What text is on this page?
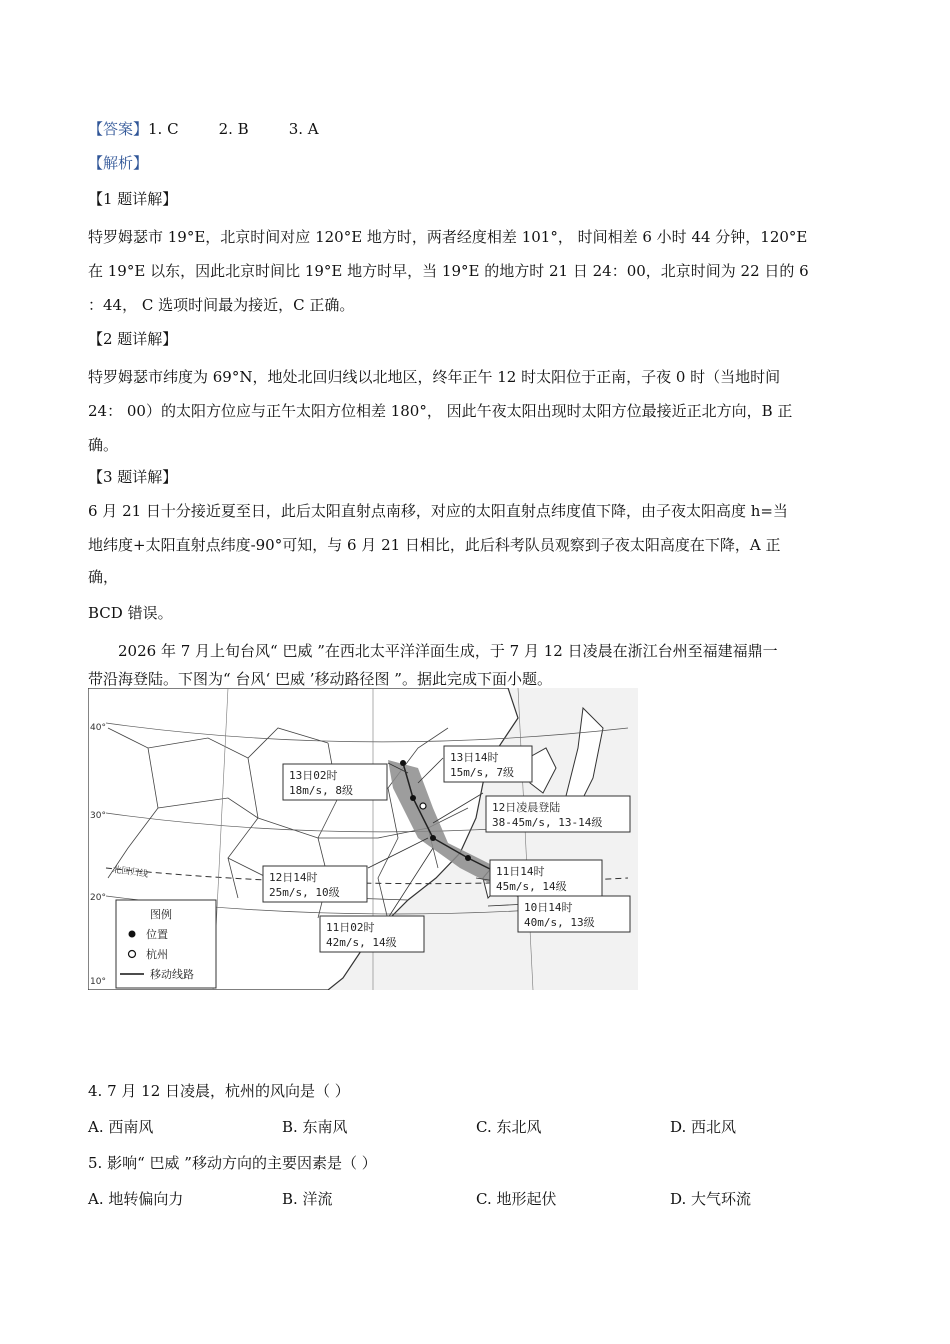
【答案】1. C	2. B	3. A
【解析】
【1 题详解】
特罗姆瑟市 19°E，北京时间对应 120°E 地方时，两者经度相差 101°， 时间相差 6 小时 44 分钟，120°E
在 19°E 以东，因此北京时间比 19°E 地方时早，当 19°E 的地方时 21 日 24：00，北京时间为 22 日的 6
：44， C 选项时间最为接近，C 正确。
【2 题详解】
特罗姆瑟市纬度为 69°N，地处北回归线以北地区，终年正午 12 时太阳位于正南，子夜 0 时（当地时间
24： 00）的太阳方位应与正午太阳方位相差 180°， 因此午夜太阳出现时太阳方位最接近正北方向，B 正
确。
【3 题详解】
6 月 21 日十分接近夏至日，此后太阳直射点南移，对应的太阳直射点纬度值下降，由子夜太阳高度 h=当
地纬度+太阳直射点纬度-90°可知，与 6 月 21 日相比，此后科考队员观察到子夜太阳高度在下降，A 正
确，
BCD 错误。
2026 年 7 月上旬台风“ 巴威 ”在西北太平洋洋面生成，于 7 月 12 日凌晨在浙江台州至福建福鼎一
带沿海登陆。下图为“ 台风‘ 巴威 ’移动路径图 ”。据此完成下面小题。
40°
30°
20°
10°
北回归线
13日14时
15m/s, 7级
13日02时
18m/s, 8级
12日凌晨登陆
38-45m/s, 13-14级
12日14时
25m/s, 10级
11日14时
45m/s, 14级
10日14时
40m/s, 13级
11日02时
42m/s, 14级
图例
位置
杭州
移动线路
4. 7 月 12 日凌晨，杭州的风向是（ ）
A. 西南风	B. 东南风	C. 东北风	D. 西北风
5. 影响“ 巴威 ”移动方向的主要因素是（ ）
A. 地转偏向力	B. 洋流	C. 地形起伏	D. 大气环流
